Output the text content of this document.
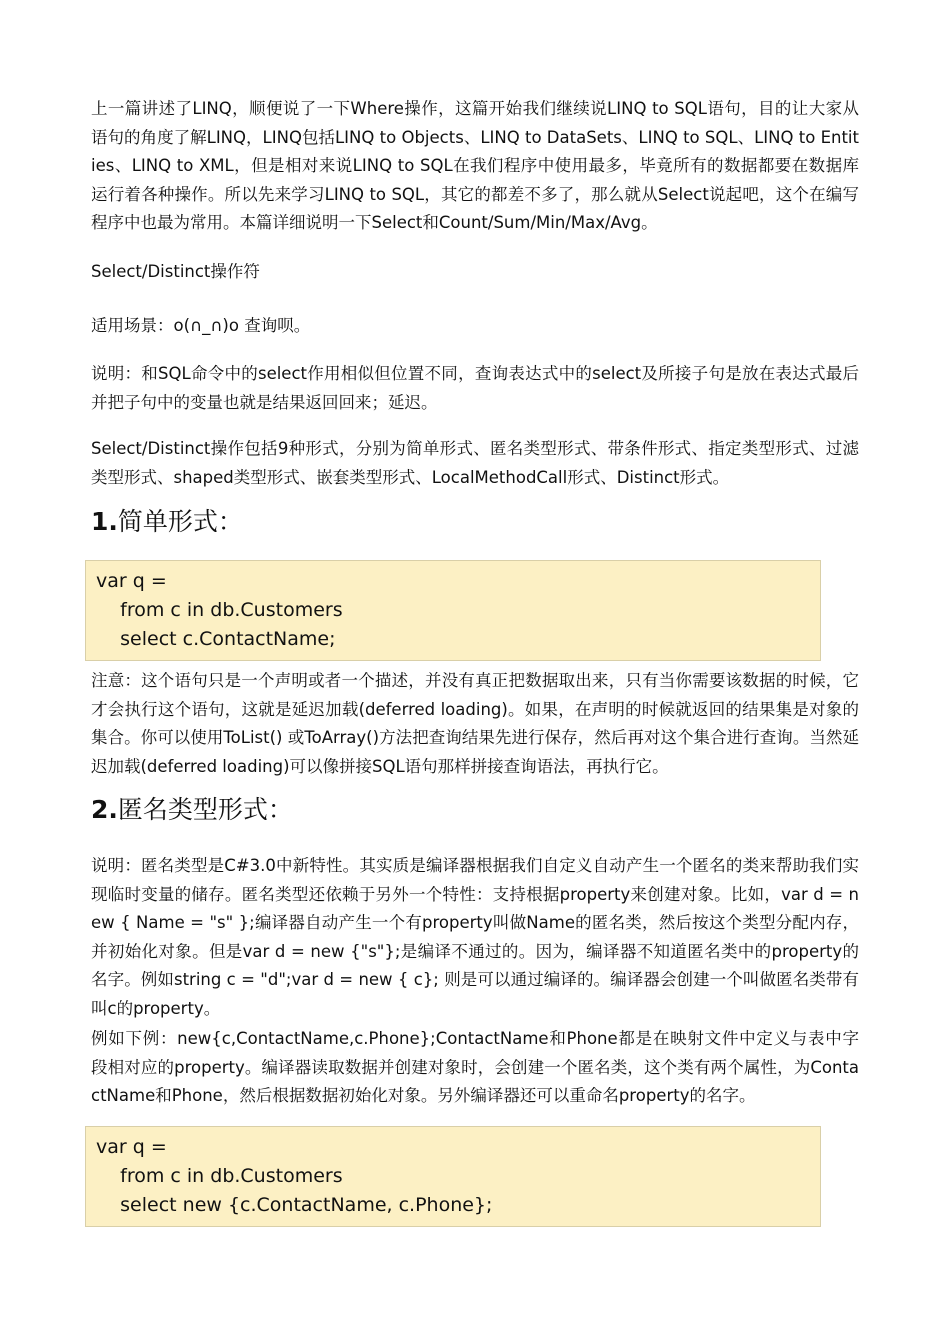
上一篇讲述了LINQ，顺便说了一下Where操作，这篇开始我们继续说LINQ to SQL语句，目的让大家从语句的角度了解LINQ，LINQ包括LINQ to Objects、LINQ to DataSets、LINQ to SQL、LINQ to Entities、LINQ to XML，但是相对来说LINQ to SQL在我们程序中使用最多，毕竟所有的数据都要在数据库运行着各种操作。所以先来学习LINQ to SQL，其它的都差不多了，那么就从Select说起吧，这个在编写程序中也最为常用。本篇详细说明一下Select和Count/Sum/Min/Max/Avg。

Select/Distinct操作符

适用场景：o(∩_∩)o 查询呗。

说明：和SQL命令中的select作用相似但位置不同，查询表达式中的select及所接子句是放在表达式最后并把子句中的变量也就是结果返回回来；延迟。

Select/Distinct操作包括9种形式，分别为简单形式、匿名类型形式、带条件形式、指定类型形式、过滤类型形式、shaped类型形式、嵌套类型形式、LocalMethodCall形式、Distinct形式。

1.简单形式：
var q =
from c in db.Customers
select c.ContactName;

注意：这个语句只是一个声明或者一个描述，并没有真正把数据取出来，只有当你需要该数据的时候，它才会执行这个语句，这就是延迟加载(deferred loading)。如果，在声明的时候就返回的结果集是对象的集合。你可以使用ToList() 或ToArray()方法把查询结果先进行保存，然后再对这个集合进行查询。当然延迟加载(deferred loading)可以像拼接SQL语句那样拼接查询语法，再执行它。

2.匿名类型形式：

说明：匿名类型是C#3.0中新特性。其实质是编译器根据我们自定义自动产生一个匿名的类来帮助我们实现临时变量的储存。匿名类型还依赖于另外一个特性：支持根据property来创建对象。比如，var d = new { Name = "s" };编译器自动产生一个有property叫做Name的匿名类，然后按这个类型分配内存，并初始化对象。但是var d = new {"s"};是编译不通过的。因为，编译器不知道匿名类中的property的名字。例如string c = "d";var d = new { c}; 则是可以通过编译的。编译器会创建一个叫做匿名类带有叫c的property。

例如下例：new{c,ContactName,c.Phone};ContactName和Phone都是在映射文件中定义与表中字段相对应的property。编译器读取数据并创建对象时，会创建一个匿名类，这个类有两个属性，为ContactName和Phone，然后根据数据初始化对象。另外编译器还可以重命名property的名字。

var q =
from c in db.Customers
select new {c.ContactName, c.Phone};
